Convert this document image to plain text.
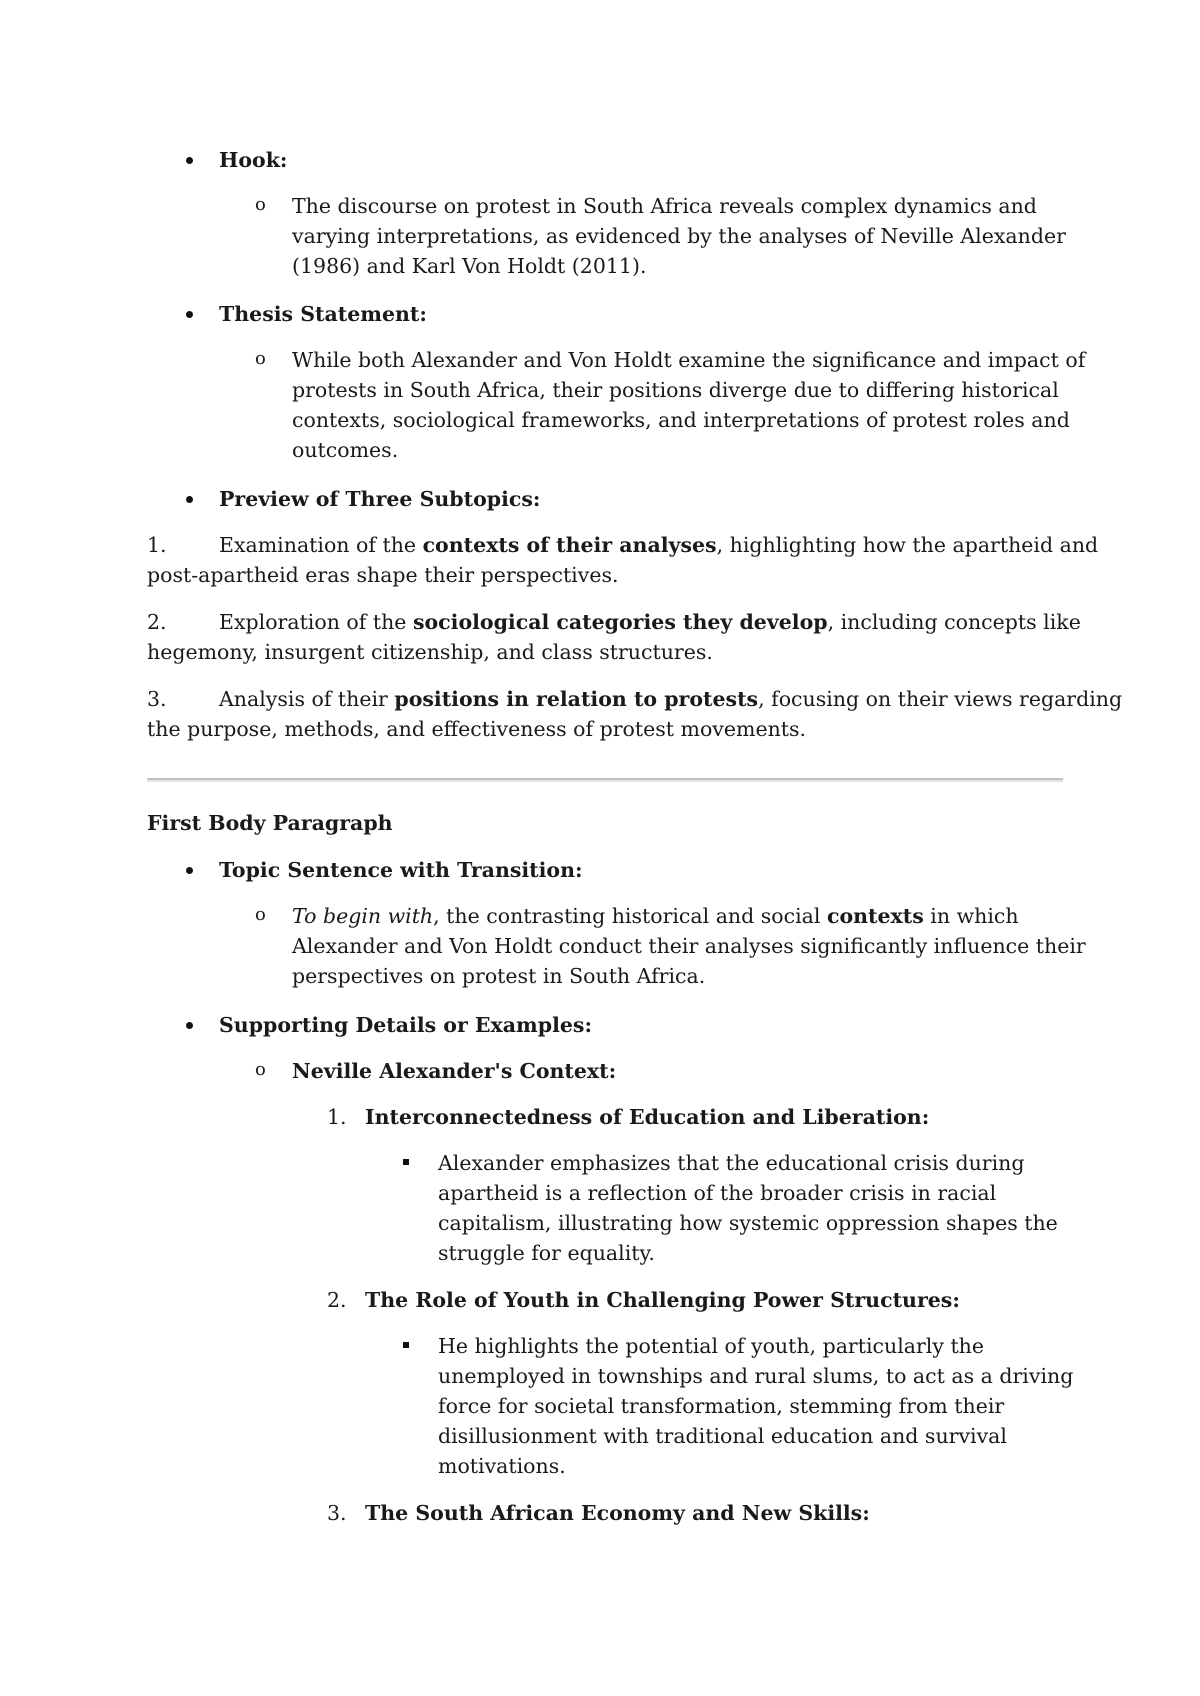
Hook:
o The discourse on protest in South Africa reveals complex dynamics and
varying interpretations, as evidenced by the analyses of Neville Alexander
(1986) and Karl Von Holdt (2011).
Thesis Statement:
o While both Alexander and Von Holdt examine the significance and impact of
protests in South Africa, their positions diverge due to differing historical
contexts, sociological frameworks, and interpretations of protest roles and
outcomes.
Preview of Three Subtopics:
1.	Examination of the contexts of their analyses, highlighting how the apartheid and
post-apartheid eras shape their perspectives.
2.	Exploration of the sociological categories they develop, including concepts like
hegemony, insurgent citizenship, and class structures.
3.	Analysis of their positions in relation to protests, focusing on their views regarding
the purpose, methods, and effectiveness of protest movements.
First Body Paragraph
Topic Sentence with Transition:
o To begin with, the contrasting historical and social contexts in which
Alexander and Von Holdt conduct their analyses significantly influence their
perspectives on protest in South Africa.
Supporting Details or Examples:
o Neville Alexander's Context:
1. Interconnectedness of Education and Liberation:
Alexander emphasizes that the educational crisis during
apartheid is a reflection of the broader crisis in racial
capitalism, illustrating how systemic oppression shapes the
struggle for equality.
2. The Role of Youth in Challenging Power Structures:
He highlights the potential of youth, particularly the
unemployed in townships and rural slums, to act as a driving
force for societal transformation, stemming from their
disillusionment with traditional education and survival
motivations.
3. The South African Economy and New Skills:
